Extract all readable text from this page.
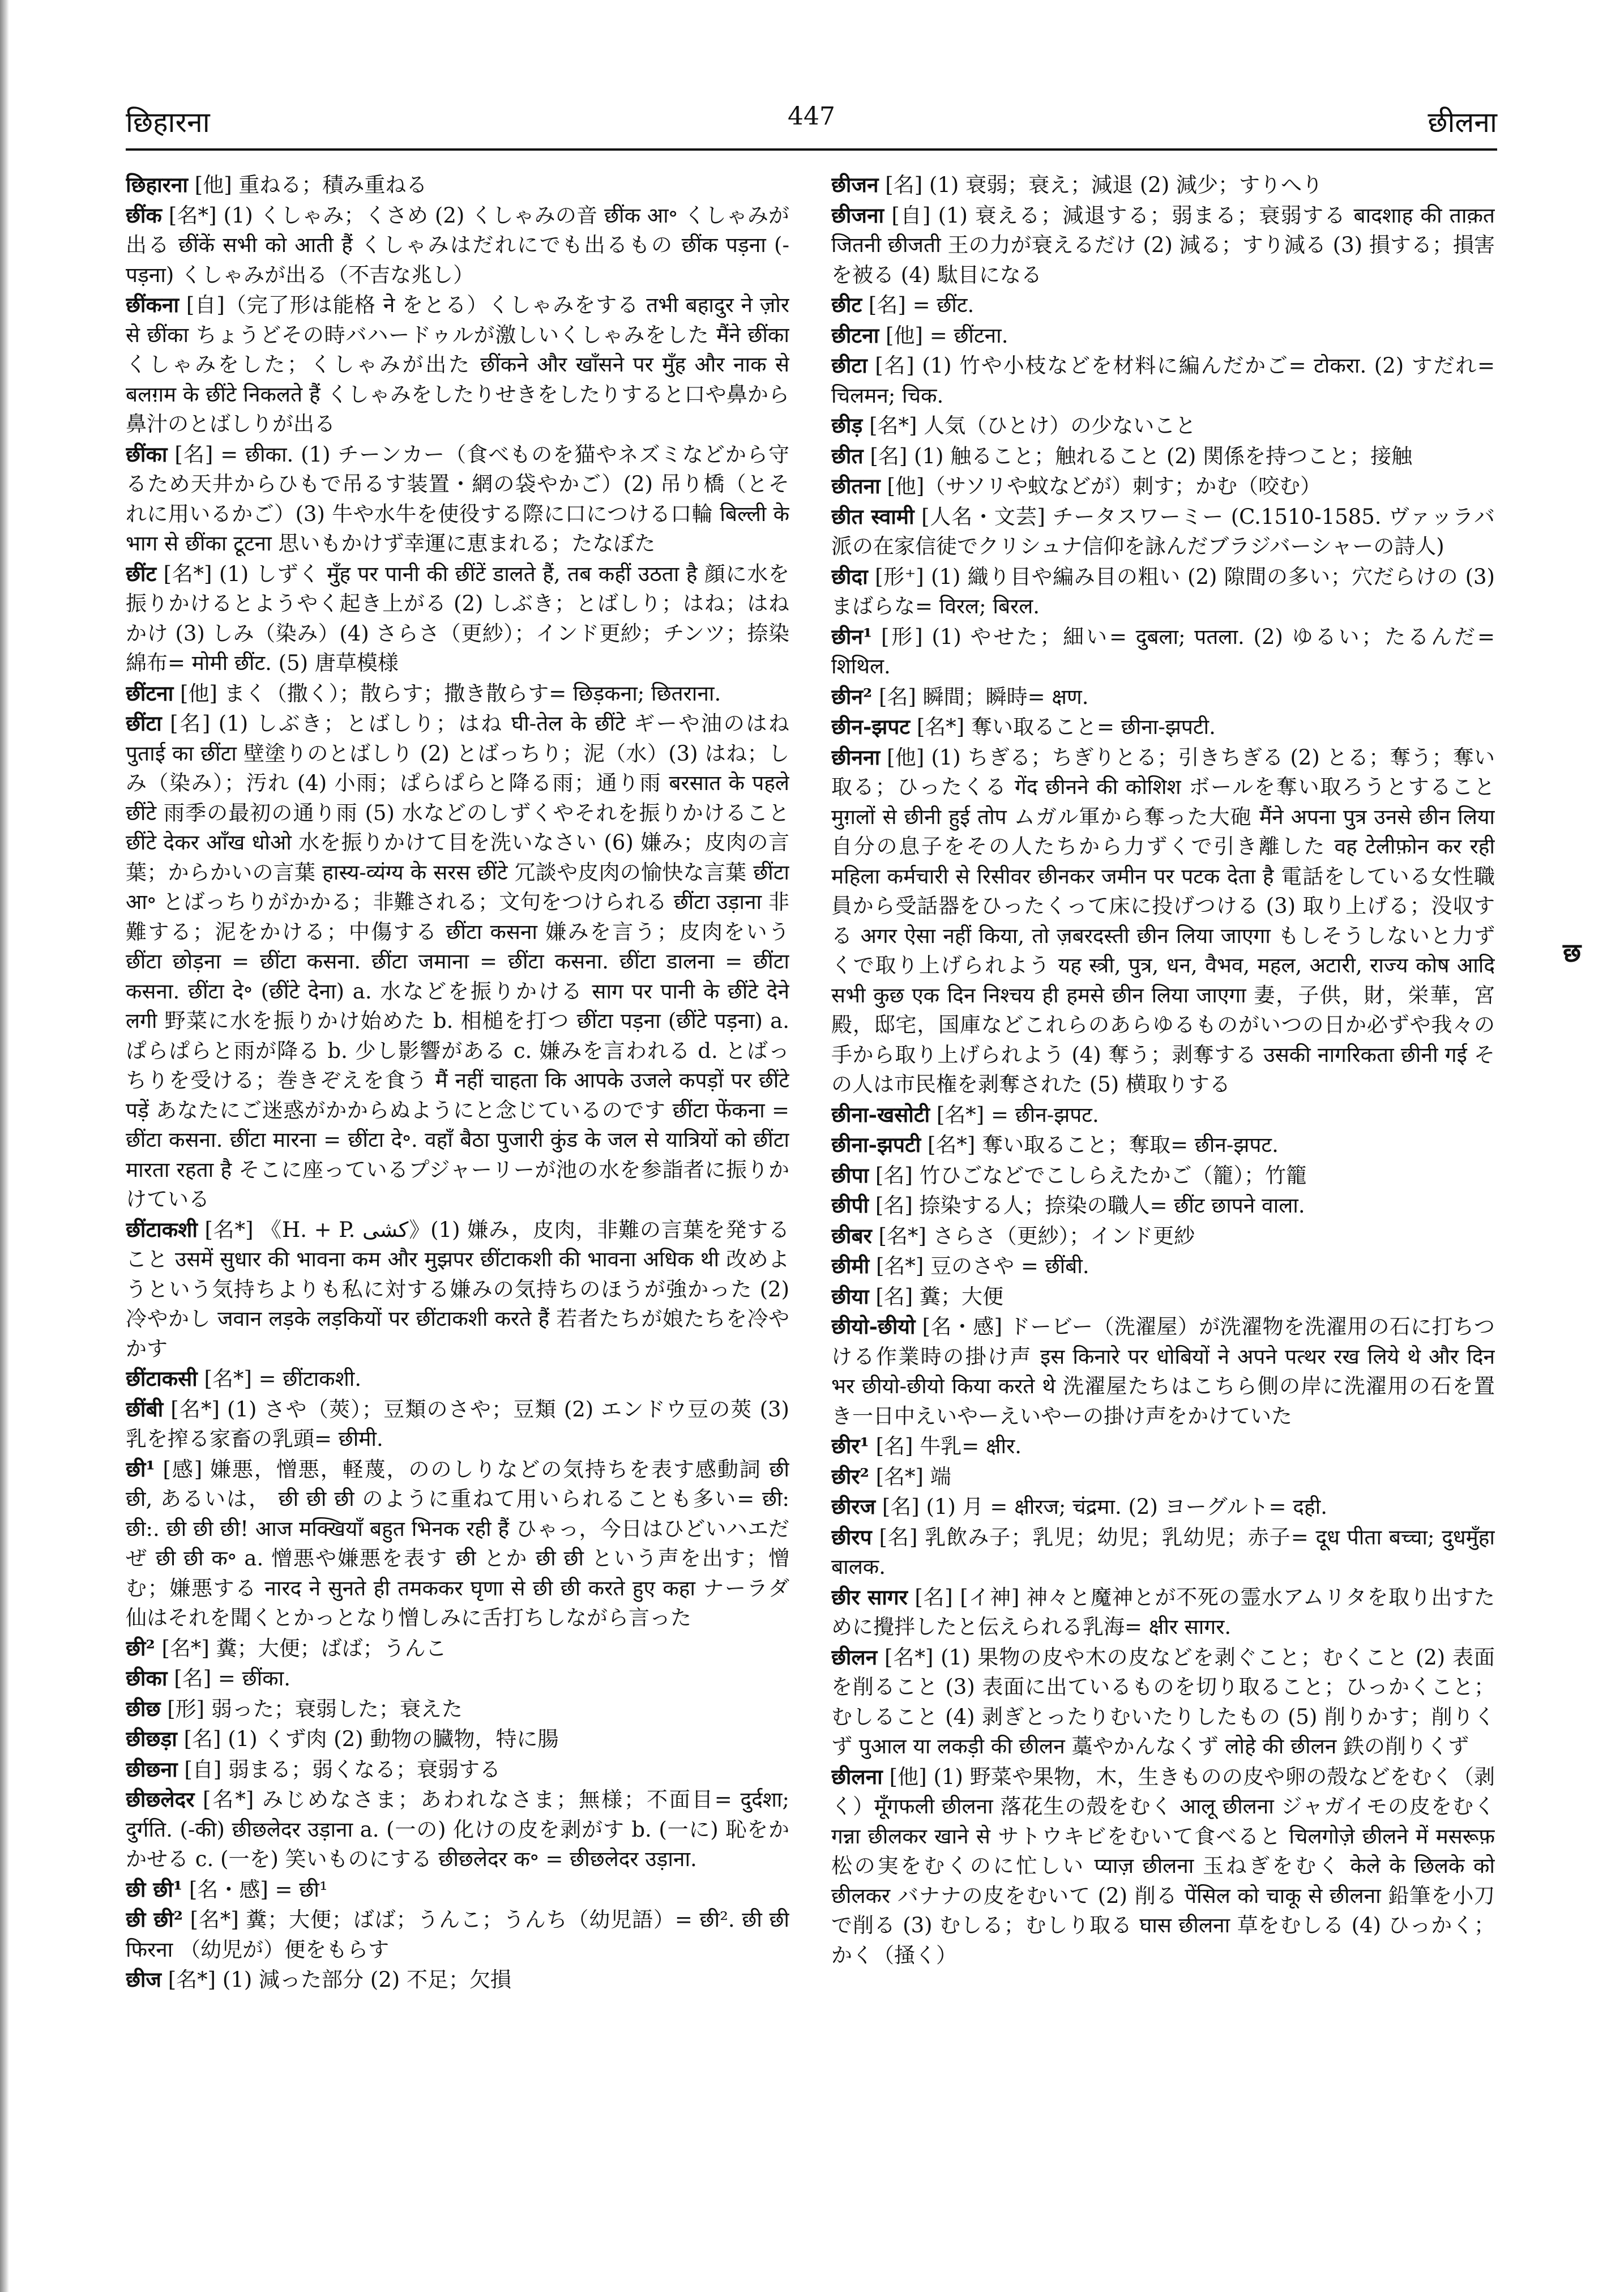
छिहारना	447	छीलना

छिहारना [他] 重ねる；積み重ねる

छींक [名*] (1) くしゃみ；くさめ (2) くしゃみの音 छींक आ॰ くしゃみが出る छींकें सभी को आती हैं くしゃみはだれにでも出るもの छींक पड़ना (-पड़ना) くしゃみが出る（不吉な兆し）

छींकना [自]（完了形は能格 ने をとる）くしゃみをする तभी बहादुर ने ज़ोर से छींका ちょうどその時バハードゥルが激しいくしゃみをした मैंने छींका くしゃみをした；くしゃみが出た छींकने और खाँसने पर मुँह और नाक से बलग़म के छींटे निकलते हैं くしゃみをしたりせきをしたりすると口や鼻から鼻汁のとばしりが出る

छींका [名] = छीका. (1) チーンカー（食べものを猫やネズミなどから守るため天井からひもで吊るす装置・網の袋やかご）(2) 吊り橋（とそれに用いるかご）(3) 牛や水牛を使役する際に口につける口輪 बिल्ली के भाग से छींका टूटना 思いもかけず幸運に恵まれる；たなぼた

छींट [名*] (1) しずく मुँह पर पानी की छींटें डालते हैं, तब कहीं उठता है 顔に水を振りかけるとようやく起き上がる (2) しぶき；とばしり；はね；はねかけ (3) しみ（染み）(4) さらさ（更紗）；インド更紗；チンツ；捺染綿布= मोमी छींट. (5) 唐草模様

छींटना [他] まく（撒く）；散らす；撒き散らす= छिड़कना; छितराना.

छींटा [名] (1) しぶき；とばしり；はね घी-तेल के छींटे ギーや油のはね पुताई का छींटा 壁塗りのとばしり (2) とばっちり；泥（水）(3) はね；しみ（染み）；汚れ (4) 小雨；ぱらぱらと降る雨；通り雨 बरसात के पहले छींटे 雨季の最初の通り雨 (5) 水などのしずくやそれを振りかけること छींटे देकर आँख धोओ 水を振りかけて目を洗いなさい (6) 嫌み；皮肉の言葉；からかいの言葉 हास्य-व्यंग्य के सरस छींटे 冗談や皮肉の愉快な言葉 छींटा आ॰ とばっちりがかかる；非難される；文句をつけられる छींटा उड़ाना 非難する；泥をかける；中傷する छींटा कसना 嫌みを言う；皮肉をいう छींटा छोड़ना = छींटा कसना. छींटा जमाना = छींटा कसना. छींटा डालना = छींटा कसना. छींटा दे॰ (छींटे देना) a. 水などを振りかける साग पर पानी के छींटे देने लगी 野菜に水を振りかけ始めた b. 相槌を打つ छींटा पड़ना (छींटे पड़ना) a. ぱらぱらと雨が降る b. 少し影響がある c. 嫌みを言われる d. とばっちりを受ける；巻きぞえを食う मैं नहीं चाहता कि आपके उजले कपड़ों पर छींटे पड़ें あなたにご迷惑がかからぬようにと念じているのです छींटा फेंकना = छींटा कसना. छींटा मारना = छींटा दे॰. वहाँ बैठा पुजारी कुंड के जल से यात्रियों को छींटा मारता रहता है そこに座っているプジャーリーが池の水を参詣者に振りかけている

छींटाकशी [名*] 《H. + P. کشی》(1) 嫌み，皮肉，非難の言葉を発すること उसमें सुधार की भावना कम और मुझपर छींटाकशी की भावना अधिक थी 改めようという気持ちよりも私に対する嫌みの気持ちのほうが強かった (2) 冷やかし जवान लड़के लड़कियों पर छींटाकशी करते हैं 若者たちが娘たちを冷やかす

छींटाकसी [名*] = छींटाकशी.

छींबी [名*] (1) さや（莢）；豆類のさや；豆類 (2) エンドウ豆の莢 (3) 乳を搾る家畜の乳頭= छीमी.

छी¹ [感] 嫌悪，憎悪，軽蔑，ののしりなどの気持ちを表す感動詞 छी छी, あるいは， छी छी छी のように重ねて用いられることも多い= छी: छी:. छी छी छी! आज मक्खियाँ बहुत भिनक रही हैं ひゃっ，今日はひどいハエだぜ छी छी क॰ a. 憎悪や嫌悪を表す छी とか छी छी という声を出す；憎む；嫌悪する नारद ने सुनते ही तमककर घृणा से छी छी करते हुए कहा ナーラダ仙はそれを聞くとかっとなり憎しみに舌打ちしながら言った

छी² [名*] 糞；大便；ばば；うんこ

छीका [名] = छींका.

छीछ [形] 弱った；衰弱した；衰えた

छीछड़ा [名] (1) くず肉 (2) 動物の臓物，特に腸

छीछना [自] 弱まる；弱くなる；衰弱する

छीछलेदर [名*] みじめなさま；あわれなさま；無様；不面目= दुर्दशा; दुर्गति. (-की) छीछलेदर उड़ाना a. (一の) 化けの皮を剥がす b. (一に) 恥をかかせる c. (一を) 笑いものにする छीछलेदर क॰ = छीछलेदर उड़ाना.

छी छी¹ [名・感] = छी¹

छी छी² [名*] 糞；大便；ばば；うんこ；うんち（幼児語）= छी². छी छी फिरना （幼児が）便をもらす

छीज [名*] (1) 減った部分 (2) 不足；欠損

छीजन [名] (1) 衰弱；衰え；減退 (2) 減少；すりへり

छीजना [自] (1) 衰える；減退する；弱まる；衰弱する बादशाह की ताक़त जितनी छीजती 王の力が衰えるだけ (2) 減る；すり減る (3) 損する；損害を被る (4) 駄目になる

छीट [名] = छींट.

छीटना [他] = छींटना.

छीटा [名] (1) 竹や小枝などを材料に編んだかご= टोकरा. (2) すだれ= चिलमन; चिक.

छीड़ [名*] 人気（ひとけ）の少ないこと

छीत [名] (1) 触ること；触れること (2) 関係を持つこと；接触

छीतना [他]（サソリや蚊などが）刺す；かむ（咬む）

छीत स्वामी [人名・文芸] チータスワーミー (C.1510-1585. ヴァッラバ派の在家信徒でクリシュナ信仰を詠んだブラジバーシャーの詩人)

छीदा [形⁺] (1) 織り目や編み目の粗い (2) 隙間の多い；穴だらけの (3) まばらな= विरल; बिरल.

छीन¹ [形] (1) やせた；細い= दुबला; पतला. (2) ゆるい；たるんだ= शिथिल.

छीन² [名] 瞬間；瞬時= क्षण.

छीन-झपट [名*] 奪い取ること= छीना-झपटी.

छीनना [他] (1) ちぎる；ちぎりとる；引きちぎる (2) とる；奪う；奪い取る；ひったくる गेंद छीनने की कोशिश ボールを奪い取ろうとすること मुग़लों से छीनी हुई तोप ムガル軍から奪った大砲 मैंने अपना पुत्र उनसे छीन लिया 自分の息子をその人たちから力ずくで引き離した वह टेलीफ़ोन कर रही महिला कर्मचारी से रिसीवर छीनकर जमीन पर पटक देता है 電話をしている女性職員から受話器をひったくって床に投げつける (3) 取り上げる；没収する अगर ऐसा नहीं किया, तो ज़बरदस्ती छीन लिया जाएगा もしそうしないと力ずくで取り上げられよう यह स्त्री, पुत्र, धन, वैभव, महल, अटारी, राज्य कोष आदि सभी कुछ एक दिन निश्चय ही हमसे छीन लिया जाएगा 妻，子供，財，栄華，宮殿，邸宅，国庫などこれらのあらゆるものがいつの日か必ずや我々の手から取り上げられよう (4) 奪う；剥奪する उसकी नागरिकता छीनी गई その人は市民権を剥奪された (5) 横取りする

छीना-खसोटी [名*] = छीन-झपट.

छीना-झपटी [名*] 奪い取ること；奪取= छीन-झपट.

छीपा [名] 竹ひごなどでこしらえたかご（籠）；竹籠

छीपी [名] 捺染する人；捺染の職人= छींट छापने वाला.

छीबर [名*] さらさ（更紗）；インド更紗

छीमी [名*] 豆のさや = छींबी.

छीया [名] 糞；大便

छीयो-छीयो [名・感] ドービー（洗濯屋）が洗濯物を洗濯用の石に打ちつける作業時の掛け声 इस किनारे पर धोबियों ने अपने पत्थर रख लिये थे और दिन भर छीयो-छीयो किया करते थे 洗濯屋たちはこちら側の岸に洗濯用の石を置き一日中えいやーえいやーの掛け声をかけていた

छीर¹ [名] 牛乳= क्षीर.

छीर² [名*] 端

छीरज [名] (1) 月 = क्षीरज; चंद्रमा. (2) ヨーグルト= दही.

छीरप [名] 乳飲み子；乳児；幼児；乳幼児；赤子= दूध पीता बच्चा; दुधमुँहा बालक.

छीर सागर [名] [イ神] 神々と魔神とが不死の霊水アムリタを取り出すために攪拌したと伝えられる乳海= क्षीर सागर.

छीलन [名*] (1) 果物の皮や木の皮などを剥ぐこと；むくこと (2) 表面を削ること (3) 表面に出ているものを切り取ること；ひっかくこと；むしること (4) 剥ぎとったりむいたりしたもの (5) 削りかす；削りくず पुआल या लकड़ी की छीलन 藁やかんなくず लोहे की छीलन 鉄の削りくず

छीलना [他] (1) 野菜や果物，木，生きものの皮や卵の殻などをむく（剥く）मूँगफली छीलना 落花生の殻をむく आलू छीलना ジャガイモの皮をむく गन्ना छीलकर खाने से サトウキビをむいて食べると चिलगोज़े छीलने में मसरूफ़ 松の実をむくのに忙しい प्याज़ छीलना 玉ねぎをむく केले के छिलके को छीलकर バナナの皮をむいて (2) 削る पेंसिल को चाकू से छीलना 鉛筆を小刀で削る (3) むしる；むしり取る घास छीलना 草をむしる (4) ひっかく；かく（掻く）

छ
